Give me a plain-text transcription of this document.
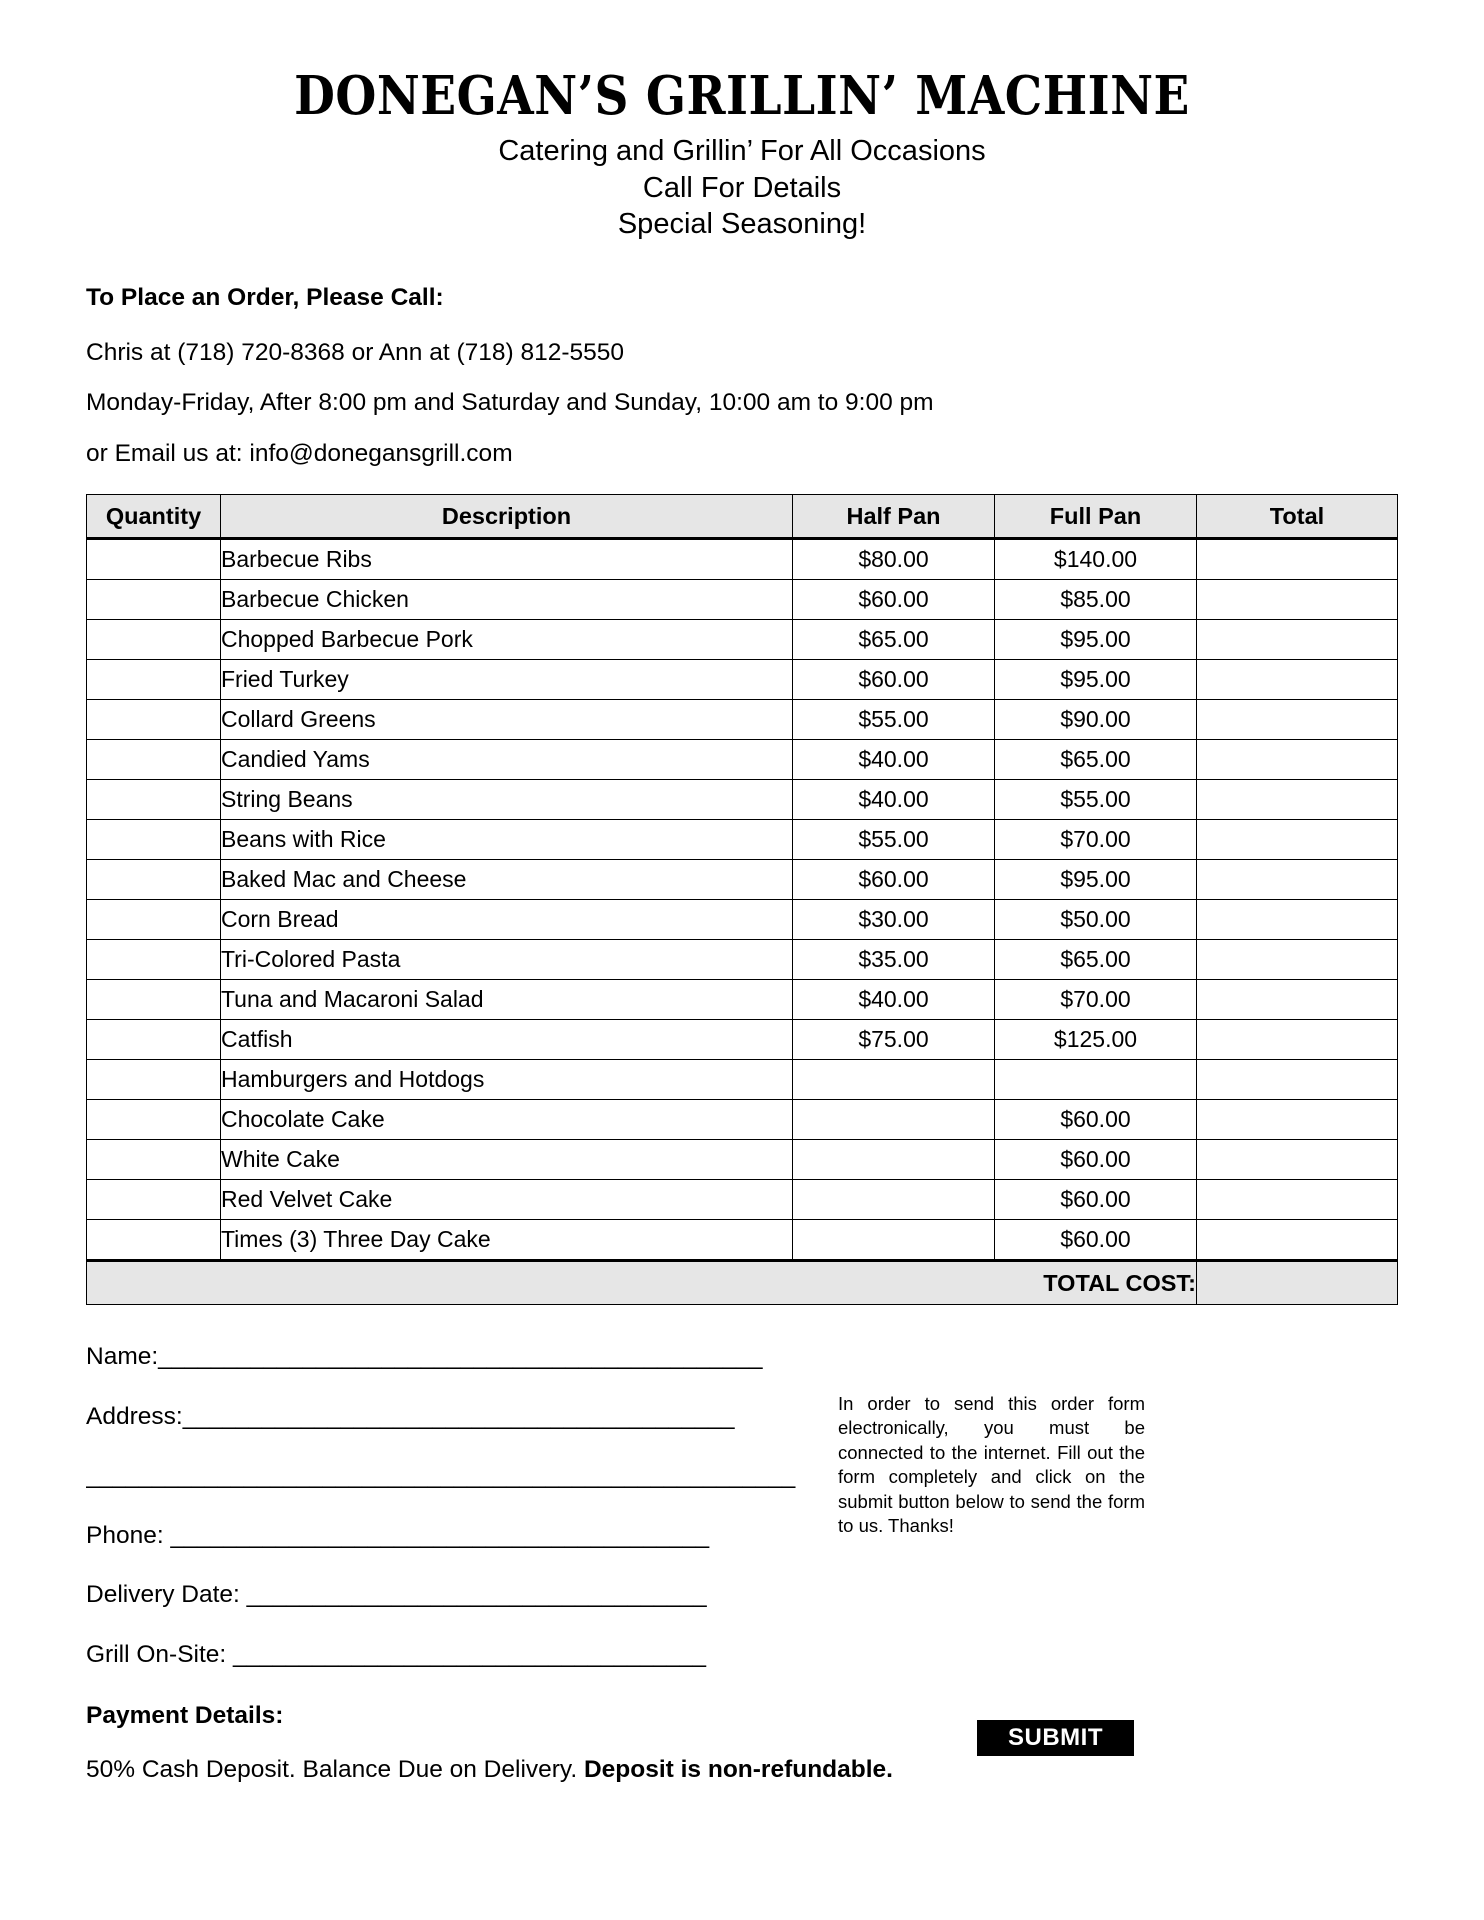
DONEGAN’S GRILLIN’ MACHINE
Catering and Grillin’ For All Occasions
Call For Details
Special Seasoning!
To Place an Order, Please Call:
Chris at (718) 720-8368 or Ann at (718) 812-5550
Monday-Friday, After 8:00 pm and Saturday and Sunday, 10:00 am to 9:00 pm
or Email us at: info@donegansgrill.com
Quantity	Description	Half Pan	Full Pan	Total
	Barbecue Ribs	$80.00	$140.00	
	Barbecue Chicken	$60.00	$85.00	
	Chopped Barbecue Pork	$65.00	$95.00	
	Fried Turkey	$60.00	$95.00	
	Collard Greens	$55.00	$90.00	
	Candied Yams	$40.00	$65.00	
	String Beans	$40.00	$55.00	
	Beans with Rice	$55.00	$70.00	
	Baked Mac and Cheese	$60.00	$95.00	
	Corn Bread	$30.00	$50.00	
	Tri-Colored Pasta	$35.00	$65.00	
	Tuna and Macaroni Salad	$40.00	$70.00	
	Catfish	$75.00	$125.00	
	Hamburgers and Hotdogs			
	Chocolate Cake		$60.00	
	White Cake		$60.00	
	Red Velvet Cake		$60.00	
	Times (3) Three Day Cake		$60.00	
TOTAL COST:				
Name:______________________________________________
Address:__________________________________________
______________________________________________________
Phone: _________________________________________
Delivery Date: ___________________________________
Grill On-Site: ____________________________________
Payment Details:
50% Cash Deposit. Balance Due on Delivery. Deposit is non-refundable.
In order to send this order form electronically, you must be connected to the internet. Fill out the form completely and click on the submit button below to send the form to us. Thanks!
SUBMIT
